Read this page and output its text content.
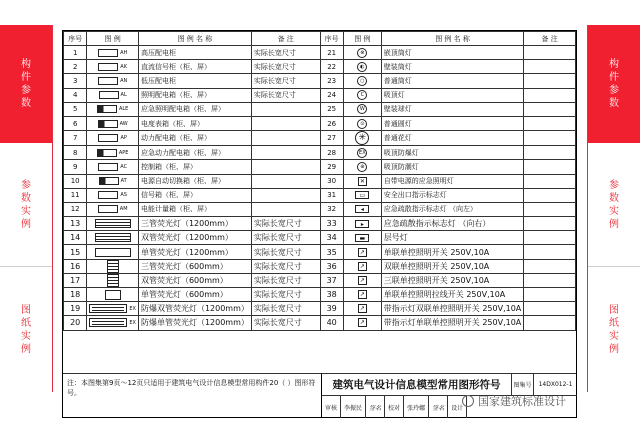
构件参数
参数实例
图纸实例
构件参数
参数实例
图纸实例
序号	图 例	图 例 名 称	备 注	序号	图 例	图 例 名 称	备 注
1	AH	高压配电柜	实际长宽尺寸	21	⊗	嵌顶筒灯	
2	AK	直流信号柜（柜、屏）	实际长宽尺寸	22	◐	壁装筒灯	
3	AN	低压配电柜	实际长宽尺寸	23	○	普通筒灯	
4	AL	照明配电箱（柜、屏）	实际长宽尺寸	24	C	吸顶灯	
5	ALE	应急照明配电箱（柜、屏）		25	W	壁装球灯	
6	AW	电度表箱（柜、屏）		26	⊙	普通圆灯	
7	AP	动力配电箱（柜、屏）		27	✳	普通花灯	
8	APE	应急动力配电箱（柜、屏）		28	EX	吸顶防爆灯	
9	AC	控制箱（柜、屏）		29	⊕	吸顶防潮灯	
10	AT	电源自动切换箱（柜、屏）		30	✕	自带电源的应急照明灯	
11	AS	信号箱（柜、屏）		31	▭	安全出口指示标志灯	
12	AM	电能计量箱（柜、屏）		32	◂	应急疏散指示标志灯 （向左）	
13		三管荧光灯（1200mm）	实际长宽尺寸	33	▸	应急疏散指示标志灯 （向右）	
14		双管荧光灯（1200mm）	实际长宽尺寸	34	▬	层号灯	
15		单管荧光灯（1200mm）	实际长宽尺寸	35	↗	单联单控照明开关 250V,10A	
16		三管荧光灯（600mm）	实际长宽尺寸	36	↗	双联单控照明开关 250V,10A	
17		双管荧光灯（600mm）	实际长宽尺寸	37	↗	三联单控照明开关 250V,10A	
18		单管荧光灯（600mm）	实际长宽尺寸	38	↗	单联单控照明拉线开关 250V,10A	
19	EX	防爆双管荧光灯（1200mm）	实际长宽尺寸	39	↗	带指示灯双联单控照明开关 250V,10A	
20	EX	防爆单管荧光灯（1200mm）	实际长宽尺寸	40	↗	带指示灯单联单控照明开关 250V,10A	
注：本图集第9页～12页只适用于建筑电气设计信息模型常用构件20（ ）图形符号。
建筑电气设计信息模型常用图形符号	图集号	14DX012-1
审核	李振民	签名	校对	张玲娜	签名	设计	国家建筑标准设计
